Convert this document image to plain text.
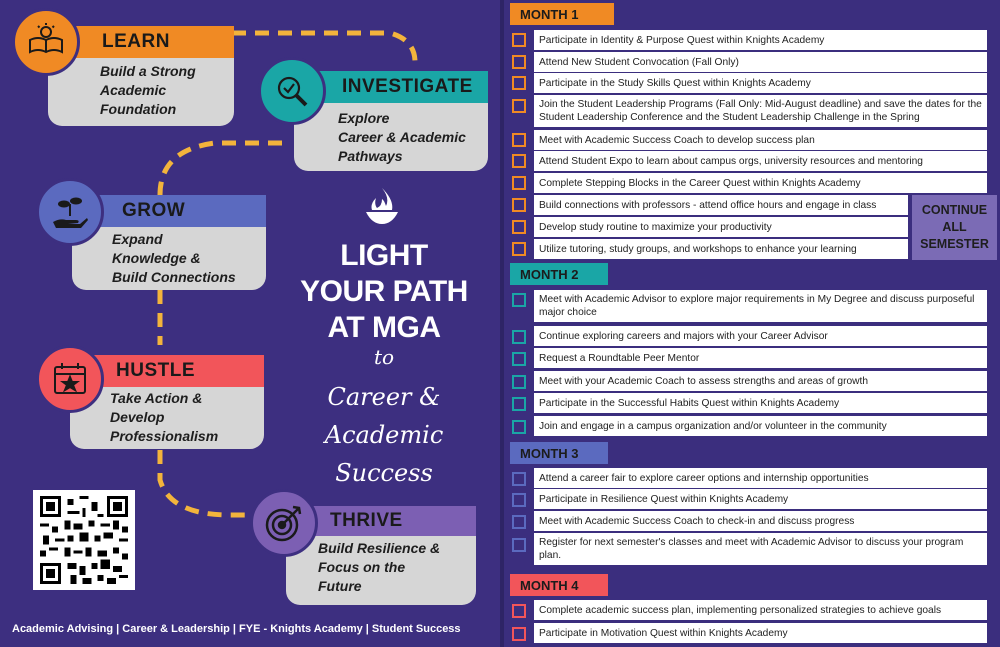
Build a Strong
Academic
Foundation
LEARN
Explore
Career & Academic
Pathways
INVESTIGATE
Expand
Knowledge &
Build Connections
GROW
Take Action &
Develop
Professionalism
HUSTLE
Build Resilience &
Focus on the
Future
THRIVE
LIGHT
YOUR PATH
AT MGA
to
Career &
Academic
Success
Academic Advising | Career & Leadership | FYE - Knights Academy | Student Success
MONTH 1
Participate in Identity & Purpose Quest within Knights Academy
Attend New Student Convocation (Fall Only)
Participate in the Study Skills Quest within Knights Academy
Join the Student Leadership Programs (Fall Only: Mid-August deadline) and save the dates for the Student Leadership Conference and the Student Leadership Challenge in the Spring
Meet with Academic Success Coach to develop success plan
Attend Student Expo to learn about campus orgs, university resources and mentoring
Complete Stepping Blocks in the Career Quest within Knights Academy
Build connections with professors - attend office hours and engage in class
Develop study routine to maximize your productivity
Utilize tutoring, study groups, and workshops to enhance your learning
CONTINUE
ALL
SEMESTER
MONTH 2
Meet with Academic Advisor to explore major requirements in My Degree and discuss purposeful major choice
Continue exploring careers and majors with your Career Advisor
Request a Roundtable Peer Mentor
Meet with your Academic Coach to assess strengths and areas of growth
Participate in the Successful Habits Quest within Knights Academy
Join and engage in a campus organization and/or volunteer in the community
MONTH 3
Attend a career fair to explore career options and internship opportunities
Participate in Resilience Quest within Knights Academy
Meet with Academic Success Coach to check-in and discuss progress
Register for next semester's classes and meet with Academic Advisor to discuss your program plan.
MONTH 4
Complete academic success plan, implementing personalized strategies to achieve goals
Participate in Motivation Quest within Knights Academy
